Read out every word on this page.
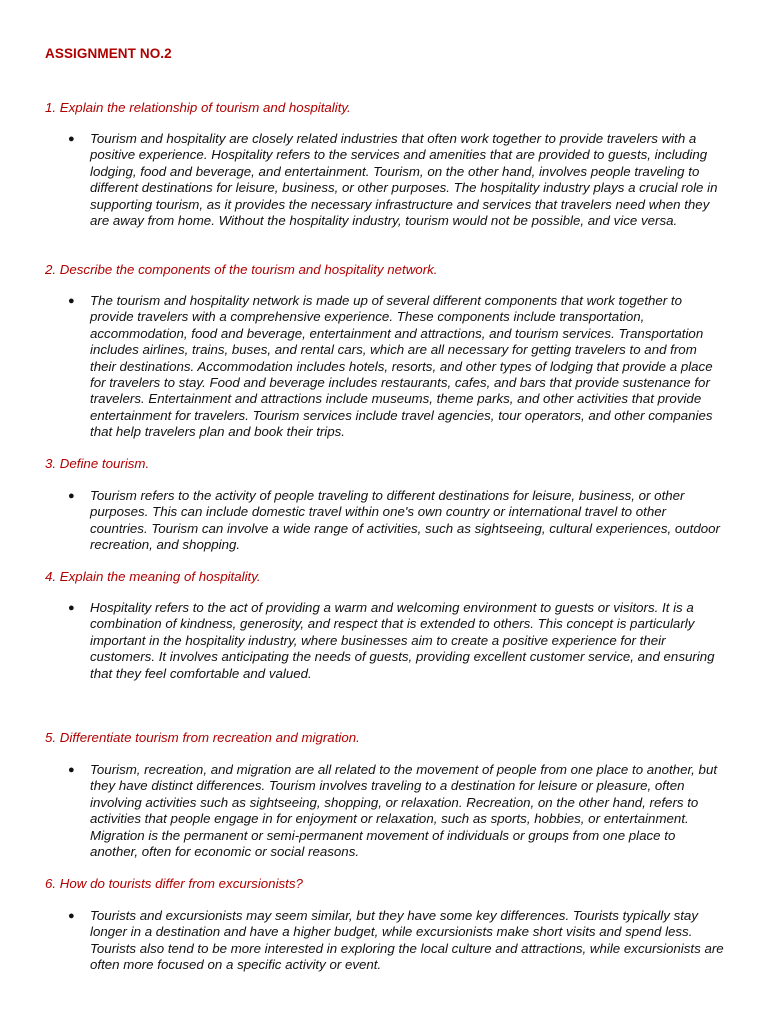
ASSIGNMENT NO.2
1. Explain the relationship of tourism and hospitality.
● Tourism and hospitality are closely related industries that often work together to provide travelers with a positive experience. Hospitality refers to the services and amenities that are provided to guests, including lodging, food and beverage, and entertainment. Tourism, on the other hand, involves people traveling to different destinations for leisure, business, or other purposes. The hospitality industry plays a crucial role in supporting tourism, as it provides the necessary infrastructure and services that travelers need when they are away from home. Without the hospitality industry, tourism would not be possible, and vice versa.
2. Describe the components of the tourism and hospitality network.
● The tourism and hospitality network is made up of several different components that work together to provide travelers with a comprehensive experience. These components include transportation, accommodation, food and beverage, entertainment and attractions, and tourism services. Transportation includes airlines, trains, buses, and rental cars, which are all necessary for getting travelers to and from their destinations. Accommodation includes hotels, resorts, and other types of lodging that provide a place for travelers to stay. Food and beverage includes restaurants, cafes, and bars that provide sustenance for travelers. Entertainment and attractions include museums, theme parks, and other activities that provide entertainment for travelers. Tourism services include travel agencies, tour operators, and other companies that help travelers plan and book their trips.
3. Define tourism.
● Tourism refers to the activity of people traveling to different destinations for leisure, business, or other purposes. This can include domestic travel within one's own country or international travel to other countries. Tourism can involve a wide range of activities, such as sightseeing, cultural experiences, outdoor recreation, and shopping.
4. Explain the meaning of hospitality.
● Hospitality refers to the act of providing a warm and welcoming environment to guests or visitors. It is a combination of kindness, generosity, and respect that is extended to others. This concept is particularly important in the hospitality industry, where businesses aim to create a positive experience for their customers. It involves anticipating the needs of guests, providing excellent customer service, and ensuring that they feel comfortable and valued.
5. Differentiate tourism from recreation and migration.
● Tourism, recreation, and migration are all related to the movement of people from one place to another, but they have distinct differences. Tourism involves traveling to a destination for leisure or pleasure, often involving activities such as sightseeing, shopping, or relaxation. Recreation, on the other hand, refers to activities that people engage in for enjoyment or relaxation, such as sports, hobbies, or entertainment. Migration is the permanent or semi-permanent movement of individuals or groups from one place to another, often for economic or social reasons.
6. How do tourists differ from excursionists?
● Tourists and excursionists may seem similar, but they have some key differences. Tourists typically stay longer in a destination and have a higher budget, while excursionists make short visits and spend less. Tourists also tend to be more interested in exploring the local culture and attractions, while excursionists are often more focused on a specific activity or event.
